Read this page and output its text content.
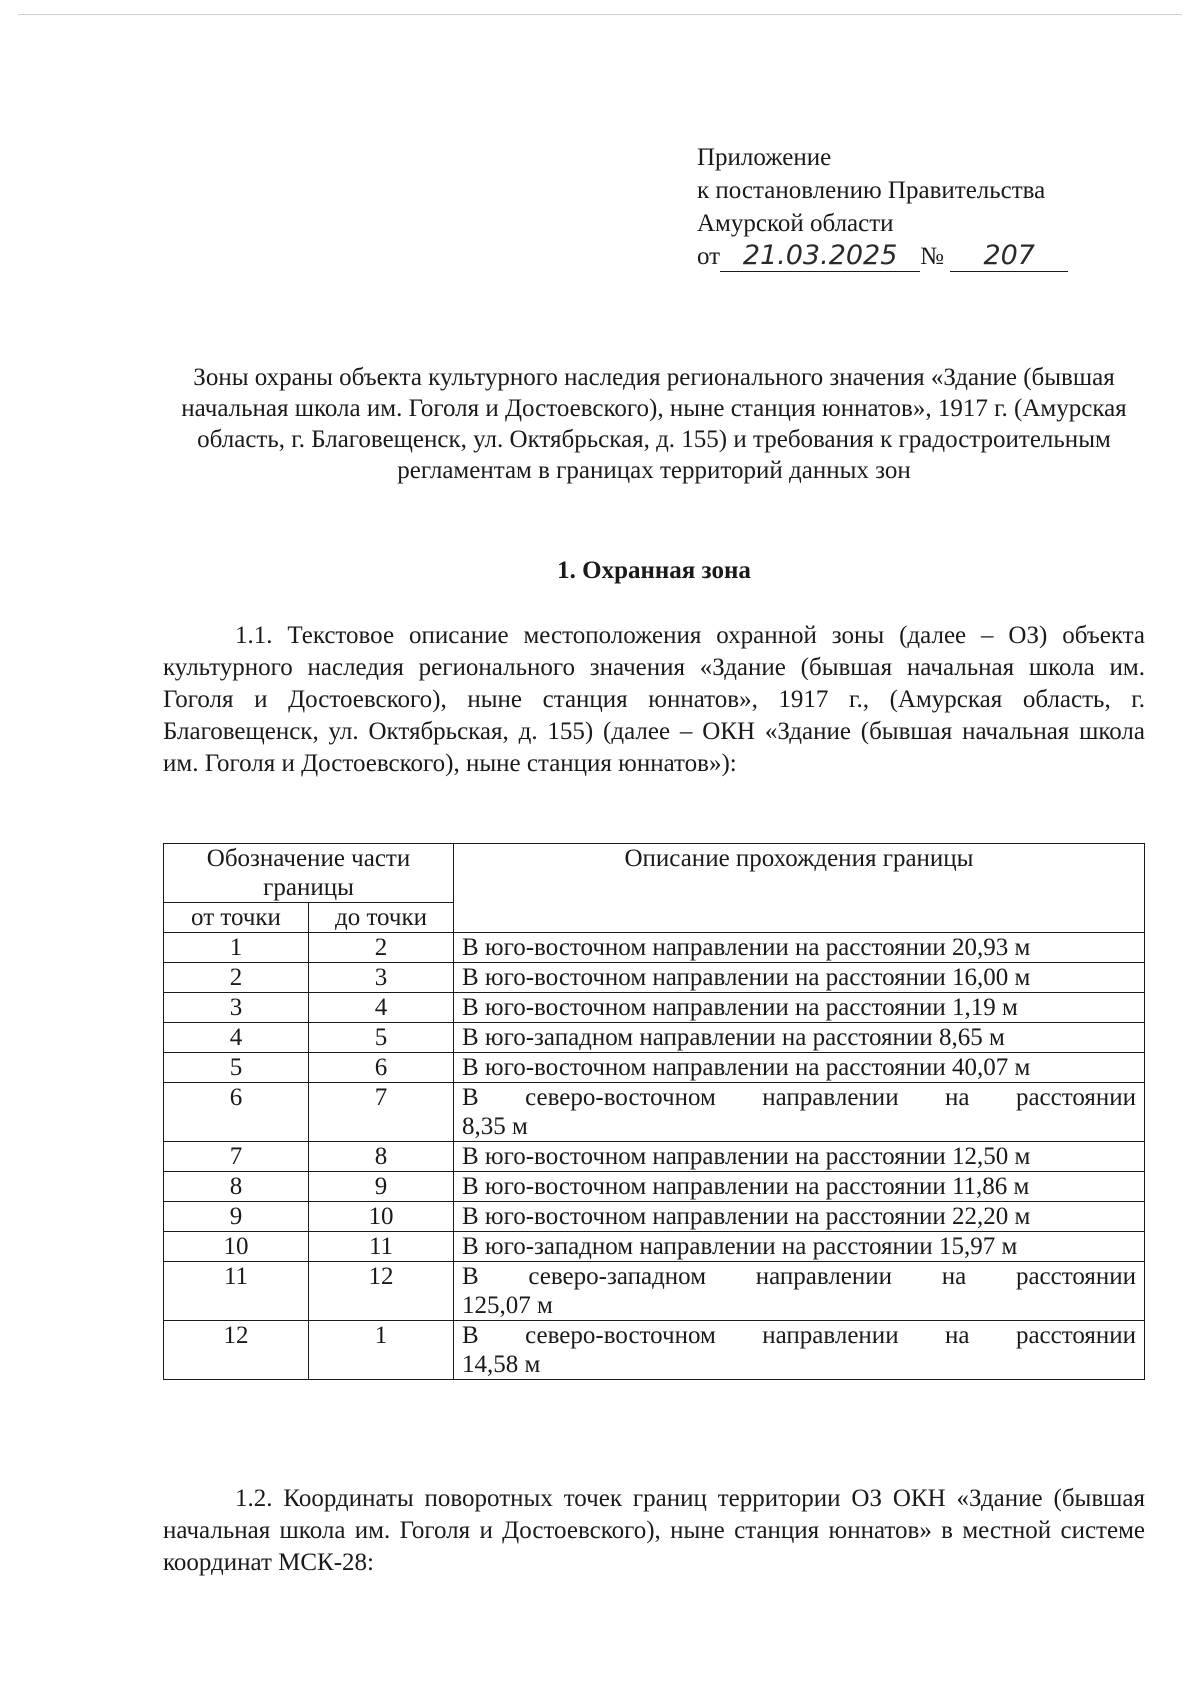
Приложение
к постановлению Правительства
Амурской области
от 21.03.2025 № 207
Зоны охраны объекта культурного наследия регионального значения «Здание (бывшая начальная школа им. Гоголя и Достоевского), ныне станция юннатов», 1917 г. (Амурская область, г. Благовещенск, ул. Октябрьская, д. 155) и требования к градостроительным регламентам в границах территорий данных зон
1. Охранная зона
1.1. Текстовое описание местоположения охранной зоны (далее – ОЗ) объекта культурного наследия регионального значения «Здание (бывшая начальная школа им. Гоголя и Достоевского), ныне станция юннатов», 1917 г., (Амурская область, г. Благовещенск, ул. Октябрьская, д. 155) (далее – ОКН «Здание (бывшая начальная школа им. Гоголя и Достоевского), ныне станция юннатов»):
Обозначение части границы		Описание прохождения границы
от точки	до точки	
1	2	В юго-восточном направлении на расстоянии 20,93 м
2	3	В юго-восточном направлении на расстоянии 16,00 м
3	4	В юго-восточном направлении на расстоянии 1,19 м
4	5	В юго-западном направлении на расстоянии 8,65 м
5	6	В юго-восточном направлении на расстоянии 40,07 м
6	7	В северо-восточном направлении на расстоянии
8,35 м

7	8	В юго-восточном направлении на расстоянии 12,50 м
8	9	В юго-восточном направлении на расстоянии 11,86 м
9	10	В юго-восточном направлении на расстоянии 22,20 м
10	11	В юго-западном направлении на расстоянии 15,97 м
11	12	В северо-западном направлении на расстоянии
125,07 м

12	1	В северо-восточном направлении на расстоянии
14,58 м
1.2. Координаты поворотных точек границ территории ОЗ ОКН «Здание (бывшая начальная школа им. Гоголя и Достоевского), ныне станция юннатов» в местной системе координат МСК-28:
